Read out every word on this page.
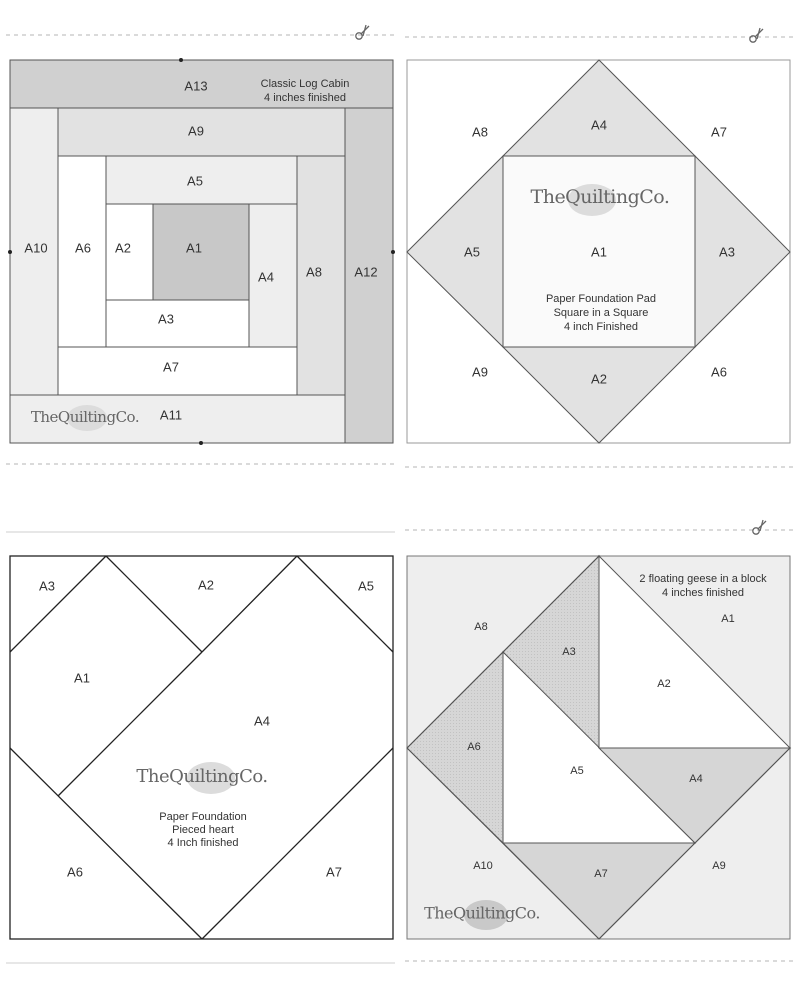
A13
A9
A5
A1
A2
A6
A10
A4 A8 A12
A3
A7
A11
Classic Log Cabin
4 inches finished
TheQuiltingCo.
A8	A4	A7
A5	A1	A3
A9	A2	A6
Paper Foundation Pad
Square in a Square
4 inch Finished
TheQuiltingCo.
A3	A2	A5
A1
A4
A6	A7
Paper Foundation
Pieced heart
4 Inch finished
TheQuiltingCo.
2 floating geese in a block
4 inches finished
A1
A8
A3
A2
A6
A5
A4
A10	A9
A7
TheQuiltingCo.
